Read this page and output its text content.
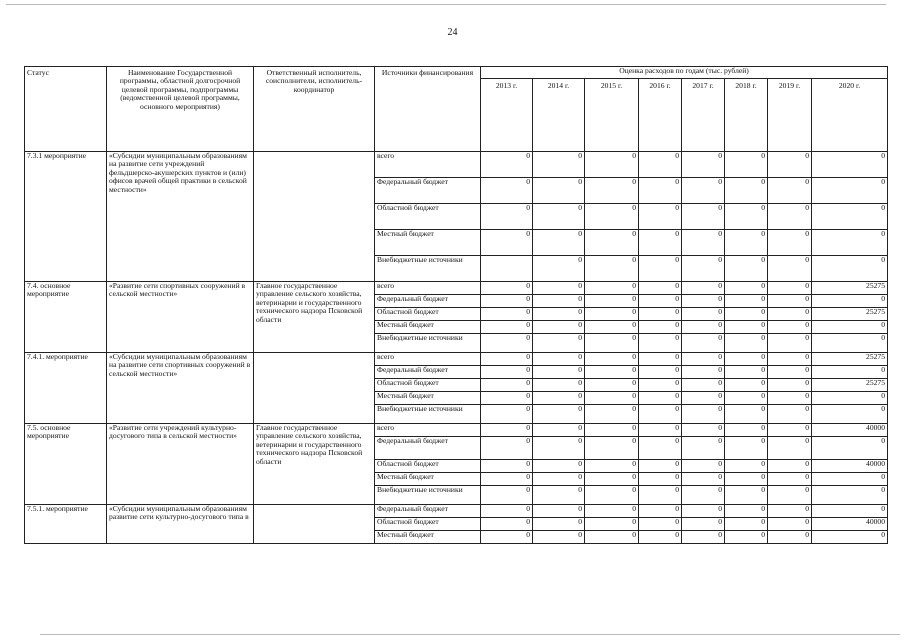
24
Статус	Наименование Государственной программы, областной долгосрочной целевой программы, подпрограммы (ведомственной целевой программы, основного мероприятия)	Ответственный исполнитель, соисполнители, исполнитель-координатор	Источники финансирования	Оценка расходов по годам (тыс. рублей)							
				2013 г.	2014 г.	2015 г.	2016 г.	2017 г.	2018 г.	2019 г.	2020 г.
7.3.1 мероприятие	«Субсидии муниципальным образованиям на развитие сети учреждений фельдшерско-акушерских пунктов и (или) офисов врачей общей практики в сельской местности»		всего	0	0	0	0	0	0	0	0
			Федеральный бюджет	0	0	0	0	0	0	0	0
			Областной бюджет	0	0	0	0	0	0	0	0
			Местный бюджет	0	0	0	0	0	0	0	0
			Внебюджетные источники		0	0	0	0	0	0	0
7.4. основное мероприятие	«Развитие сети спортивных сооружений в сельской местности»	Главное государственное управление сельского хозяйства, ветеринарии и государственного технического надзора Псковской области	всего	0	0	0	0	0	0	0	25275
			Федеральный бюджет	0	0	0	0	0	0	0	0
			Областной бюджет	0	0	0	0	0	0	0	25275
			Местный бюджет	0	0	0	0	0	0	0	0
			Внебюджетные источники	0	0	0	0	0	0	0	0
7.4.1. мероприятие	«Субсидии муниципальным образованиям на развитие сети спортивных сооружений в сельской местности»		всего	0	0	0	0	0	0	0	25275
			Федеральный бюджет	0	0	0	0	0	0	0	0
			Областной бюджет	0	0	0	0	0	0	0	25275
			Местный бюджет	0	0	0	0	0	0	0	0
			Внебюджетные источники	0	0	0	0	0	0	0	0
7.5. основное мероприятие	«Развитие сети учреждений культурно-досугового типа в сельской местности»	Главное государственное управление сельского хозяйства, ветеринарии и государственного технического надзора Псковской области	всего	0	0	0	0	0	0	0	40000
			Федеральный бюджет	0	0	0	0	0	0	0	0
			Областной бюджет	0	0	0	0	0	0	0	40000
			Местный бюджет	0	0	0	0	0	0	0	0
			Внебюджетные источники	0	0	0	0	0	0	0	0
7.5.1. мероприятие	«Субсидии муниципальным образованиям развитие сети культурно-досугового типа в		Федеральный бюджет	0	0	0	0	0	0	0	0
			Областной бюджет	0	0	0	0	0	0	0	40000
			Местный бюджет	0	0	0	0	0	0	0	0
